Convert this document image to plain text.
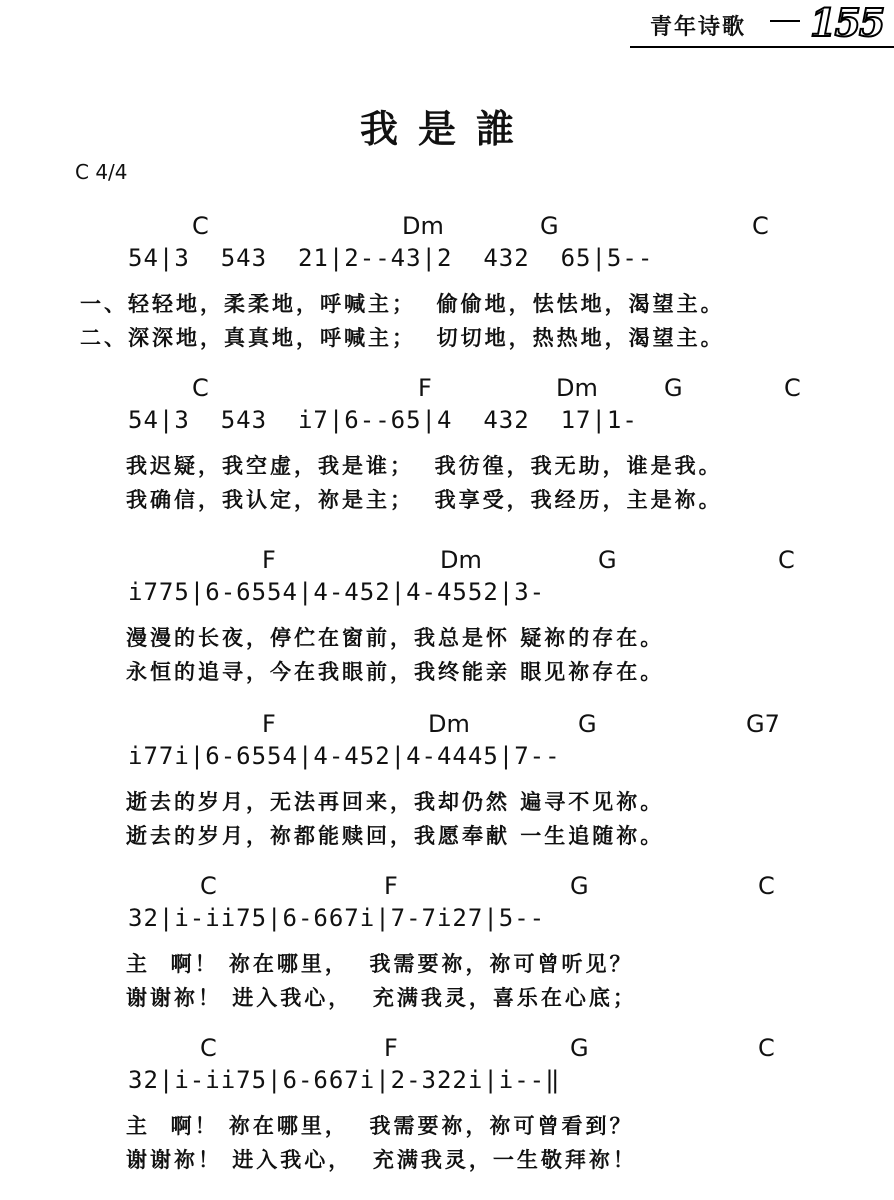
青年诗歌 155
我是誰
C 4/4
C	Dm	G	C
54|3  543  21|2--43|2  432  65|5--
一、轻轻地，柔柔地，呼喊主；  偷偷地，怯怯地，渴望主。
二、深深地，真真地，呼喊主；  切切地，热热地，渴望主。
C	F	Dm	G	C
54|3  543  i7|6--65|4  432  17|1-
我迟疑，我空虚，我是谁；  我彷徨，我无助，谁是我。
我确信，我认定，祢是主；  我享受，我经历，主是祢。
F	Dm	G	C
i775|6-6554|4-452|4-4552|3-
漫漫的长夜，停伫在窗前，我总是怀 疑祢的存在。
永恒的追寻，今在我眼前，我终能亲 眼见祢存在。
F	Dm	G	G7
i77i|6-6554|4-452|4-4445|7--
逝去的岁月，无法再回来，我却仍然 遍寻不见祢。
逝去的岁月，祢都能赎回，我愿奉献 一生追随祢。
C	F	G	C
32|i-ii75|6-667i|7-7i27|5--
主  啊！ 祢在哪里，  我需要祢，祢可曾听见？
谢谢祢！ 进入我心，  充满我灵，喜乐在心底；
C	F	G	C
32|i-ii75|6-667i|2-322i|i--‖
主  啊！ 祢在哪里，  我需要祢，祢可曾看到？
谢谢祢！ 进入我心，  充满我灵，一生敬拜祢！
